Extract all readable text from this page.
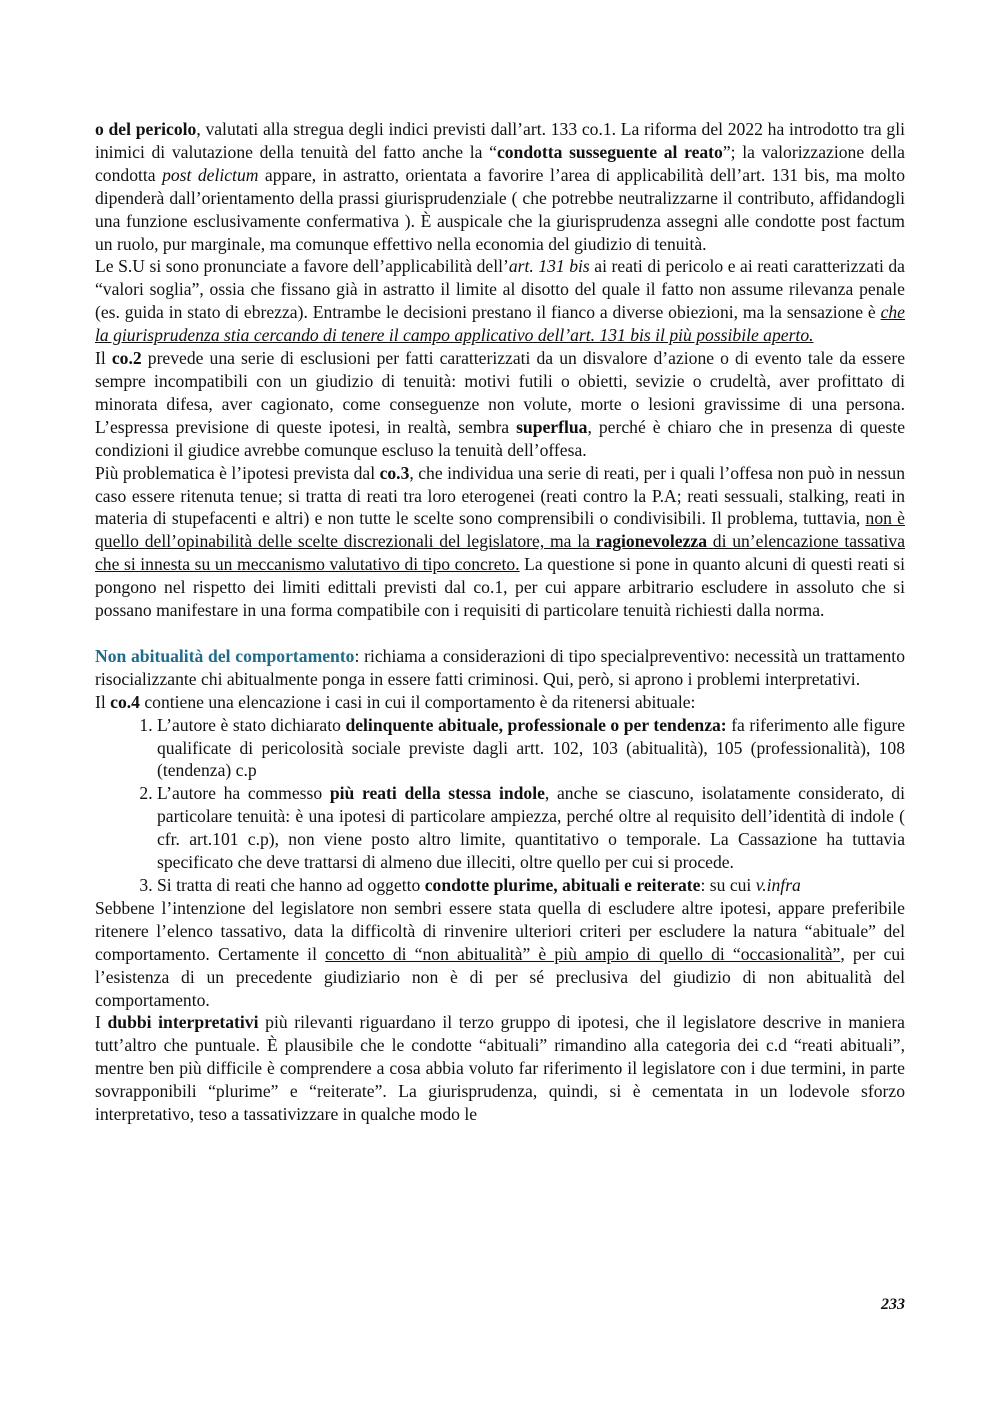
o del pericolo, valutati alla stregua degli indici previsti dall’art. 133 co.1. La riforma del 2022 ha introdotto tra gli inimici di valutazione della tenuità del fatto anche la “condotta susseguente al reato”; la valorizzazione della condotta post delictum appare, in astratto, orientata a favorire l’area di applicabilità dell’art. 131 bis, ma molto dipenderà dall’orientamento della prassi giurisprudenziale ( che potrebbe neutralizzarne il contributo, affidandogli una funzione esclusivamente confermativa ). È auspicale che la giurisprudenza assegni alle condotte post factum un ruolo, pur marginale, ma comunque effettivo nella economia del giudizio di tenuità.

Le S.U si sono pronunciate a favore dell’applicabilità dell’art. 131 bis ai reati di pericolo e ai reati caratterizzati da “valori soglia”, ossia che fissano già in astratto il limite al disotto del quale il fatto non assume rilevanza penale (es. guida in stato di ebrezza). Entrambe le decisioni prestano il fianco a diverse obiezioni, ma la sensazione è che la giurisprudenza stia cercando di tenere il campo applicativo dell’art. 131 bis il più possibile aperto.

Il co.2 prevede una serie di esclusioni per fatti caratterizzati da un disvalore d’azione o di evento tale da essere sempre incompatibili con un giudizio di tenuità: motivi futili o obietti, sevizie o crudeltà, aver profittato di minorata difesa, aver cagionato, come conseguenze non volute, morte o lesioni gravissime di una persona. L’espressa previsione di queste ipotesi, in realtà, sembra superflua, perché è chiaro che in presenza di queste condizioni il giudice avrebbe comunque escluso la tenuità dell’offesa.

Più problematica è l’ipotesi prevista dal co.3, che individua una serie di reati, per i quali l’offesa non può in nessun caso essere ritenuta tenue; si tratta di reati tra loro eterogenei (reati contro la P.A; reati sessuali, stalking, reati in materia di stupefacenti e altri) e non tutte le scelte sono comprensibili o condivisibili. Il problema, tuttavia, non è quello dell’opinabilità delle scelte discrezionali del legislatore, ma la ragionevolezza di un’elencazione tassativa che si innesta su un meccanismo valutativo di tipo concreto. La questione si pone in quanto alcuni di questi reati si pongono nel rispetto dei limiti edittali previsti dal co.1, per cui appare arbitrario escludere in assoluto che si possano manifestare in una forma compatibile con i requisiti di particolare tenuità richiesti dalla norma.

Non abitualità del comportamento: richiama a considerazioni di tipo specialpreventivo: necessità un trattamento risocializzante chi abitualmente ponga in essere fatti criminosi. Qui, però, si aprono i problemi interpretativi.

Il co.4 contiene una elencazione i casi in cui il comportamento è da ritenersi abituale:

1. L’autore è stato dichiarato delinquente abituale, professionale o per tendenza: fa riferimento alle figure qualificate di pericolosità sociale previste dagli artt. 102, 103 (abitualità), 105 (professionalità), 108 (tendenza) c.p
2. L’autore ha commesso più reati della stessa indole, anche se ciascuno, isolatamente considerato, di particolare tenuità: è una ipotesi di particolare ampiezza, perché oltre al requisito dell’identità di indole ( cfr. art.101 c.p), non viene posto altro limite, quantitativo o temporale. La Cassazione ha tuttavia specificato che deve trattarsi di almeno due illeciti, oltre quello per cui si procede.
3. Si tratta di reati che hanno ad oggetto condotte plurime, abituali e reiterate: su cui v.infra

Sebbene l’intenzione del legislatore non sembri essere stata quella di escludere altre ipotesi, appare preferibile ritenere l’elenco tassativo, data la difficoltà di rinvenire ulteriori criteri per escludere la natura “abituale” del comportamento. Certamente il concetto di “non abitualità” è più ampio di quello di “occasionalità”, per cui l’esistenza di un precedente giudiziario non è di per sé preclusiva del giudizio di non abitualità del comportamento.

I dubbi interpretativi più rilevanti riguardano il terzo gruppo di ipotesi, che il legislatore descrive in maniera tutt’altro che puntuale. È plausibile che le condotte “abituali” rimandino alla categoria dei c.d “reati abituali”, mentre ben più difficile è comprendere a cosa abbia voluto far riferimento il legislatore con i due termini, in parte sovrapponibili “plurime” e “reiterate”. La giurisprudenza, quindi, si è cementata in un lodevole sforzo interpretativo, teso a tassativizzare in qualche modo le

233
